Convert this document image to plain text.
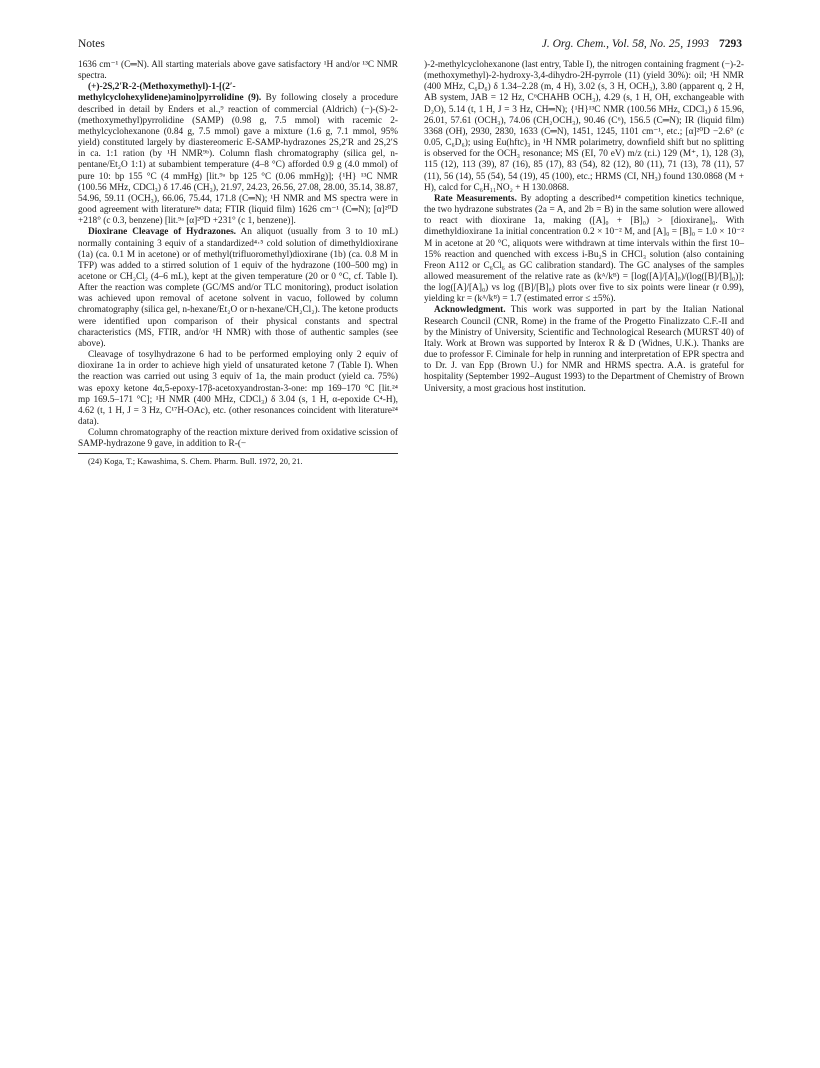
Notes	J. Org. Chem., Vol. 58, No. 25, 1993 7293

1636 cm⁻¹ (C═N). All starting materials above gave satisfactory ¹H and/or ¹³C NMR spectra.

(+)-2S,2′R-2-(Methoxymethyl)-1-[(2′-methylcyclohexylidene)amino]pyrrolidine (9). By following closely a procedure described in detail by Enders et al.,⁹ reaction of commercial (Aldrich) (−)-(S)-2-(methoxymethyl)pyrrolidine (SAMP) (0.98 g, 7.5 mmol) with racemic 2-methylcyclohexanone (0.84 g, 7.5 mmol) gave a mixture (1.6 g, 7.1 mmol, 95% yield) constituted largely by diastereomeric E-SAMP-hydrazones 2S,2′R and 2S,2′S in ca. 1:1 ration (by ¹H NMR⁹ᵇ). Column flash chromatography (silica gel, n-pentane/Et₂O 1:1) at subambient temperature (4–8 °C) afforded 0.9 g (4.0 mmol) of pure 10: bp 155 °C (4 mmHg) [lit.⁹ᵃ bp 125 °C (0.06 mmHg)]; {¹H} ¹³C NMR (100.56 MHz, CDCl₃) δ 17.46 (CH₃), 21.97, 24.23, 26.56, 27.08, 28.00, 35.14, 38.87, 54.96, 59.11 (OCH₃), 66.06, 75.44, 171.8 (C═N); ¹H NMR and MS spectra were in good agreement with literature⁹ᵃ data; FTIR (liquid film) 1626 cm⁻¹ (C═N); [α]²⁰D +218° (c 0.3, benzene) [lit.⁹ᵃ [α]²⁰D +231° (c 1, benzene)].

Dioxirane Cleavage of Hydrazones. An aliquot (usually from 3 to 10 mL) normally containing 3 equiv of a standardized⁴·⁵ cold solution of dimethyldioxirane (1a) (ca. 0.1 M in acetone) or of methyl(trifluoromethyl)dioxirane (1b) (ca. 0.8 M in TFP) was added to a stirred solution of 1 equiv of the hydrazone (100–500 mg) in acetone or CH₂Cl₂ (4–6 mL), kept at the given temperature (20 or 0 °C, cf. Table I). After the reaction was complete (GC/MS and/or TLC monitoring), product isolation was achieved upon removal of acetone solvent in vacuo, followed by column chromatography (silica gel, n-hexane/Et₂O or n-hexane/CH₂Cl₂). The ketone products were identified upon comparison of their physical constants and spectral characteristics (MS, FTIR, and/or ¹H NMR) with those of authentic samples (see above).

Cleavage of tosylhydrazone 6 had to be performed employing only 2 equiv of dioxirane 1a in order to achieve high yield of unsaturated ketone 7 (Table I). When the reaction was carried out using 3 equiv of 1a, the main product (yield ca. 75%) was epoxy ketone 4α,5-epoxy-17β-acetoxyandrostan-3-one: mp 169–170 °C [lit.²⁴ mp 169.5–171 °C]; ¹H NMR (400 MHz, CDCl₃) δ 3.04 (s, 1 H, α-epoxide C⁴-H), 4.62 (t, 1 H, J = 3 Hz, C¹⁷H-OAc), etc. (other resonances coincident with literature²⁴ data).

Column chromatography of the reaction mixture derived from oxidative scission of SAMP-hydrazone 9 gave, in addition to R-(−

(24) Koga, T.; Kawashima, S. Chem. Pharm. Bull. 1972, 20, 21.

)-2-methylcyclohexanone (last entry, Table I), the nitrogen containing fragment (−)-2-(methoxymethyl)-2-hydroxy-3,4-dihydro-2H-pyrrole (11) (yield 30%): oil; ¹H NMR (400 MHz, C₆D₆) δ 1.34–2.28 (m, 4 H), 3.02 (s, 3 H, OCH₃), 3.80 (apparent q, 2 H, AB system, JAB = 12 Hz, C⁶CHAHB OCH₃), 4.29 (s, 1 H, OH, exchangeable with D₂O), 5.14 (t, 1 H, J = 3 Hz, CH═N); {¹H}¹³C NMR (100.56 MHz, CDCl₃) δ 15.96, 26.01, 57.61 (OCH₃), 74.06 (CH₂OCH₃), 90.46 (C⁶), 156.5 (C═N); IR (liquid film) 3368 (OH), 2930, 2830, 1633 (C═N), 1451, 1245, 1101 cm⁻¹, etc.; [α]²⁰D −2.6° (c 0.05, C₆D₆); using Eu(hftc)₃ in ¹H NMR polarimetry, downfield shift but no splitting is observed for the OCH₃ resonance; MS (EI, 70 eV) m/z (r.i.) 129 (M⁺, 1), 128 (3), 115 (12), 113 (39), 87 (16), 85 (17), 83 (54), 82 (12), 80 (11), 71 (13), 78 (11), 57 (11), 56 (14), 55 (54), 54 (19), 45 (100), etc.; HRMS (CI, NH₃) found 130.0868 (M + H), calcd for C₆H₁₁NO₂ + H 130.0868.

Rate Measurements. By adopting a described¹⁴ competition kinetics technique, the two hydrazone substrates (2a = A, and 2b = B) in the same solution were allowed to react with dioxirane 1a, making ([A]₀ + [B]₀) > [dioxirane]₀. With dimethyldioxirane 1a initial concentration 0.2 × 10⁻² M, and [A]₀ = [B]₀ = 1.0 × 10⁻² M in acetone at 20 °C, aliquots were withdrawn at time intervals within the first 10–15% reaction and quenched with excess i-Bu₂S in CHCl₃ solution (also containing Freon A112 or C₆Cl₆ as GC calibration standard). The GC analyses of the samples allowed measurement of the relative rate as (kᴬ/kᴮ) = [log([A]/[A]₀)/(log([B]/[B]₀)]; the log([A]/[A]₀) vs log ([B]/[B]₀) plots over five to six points were linear (r 0.99), yielding kr = (kᴬ/kᴮ) = 1.7 (estimated error ≤ ±5%).

Acknowledgment. This work was supported in part by the Italian National Research Council (CNR, Rome) in the frame of the Progetto Finalizzato C.F.-II and by the Ministry of University, Scientific and Technological Research (MURST 40) of Italy. Work at Brown was supported by Interox R & D (Widnes, U.K.). Thanks are due to professor F. Ciminale for help in running and interpretation of EPR spectra and to Dr. J. van Epp (Brown U.) for NMR and HRMS spectra. A.A. is grateful for hospitality (September 1992–August 1993) to the Department of Chemistry of Brown University, a most gracious host institution.
